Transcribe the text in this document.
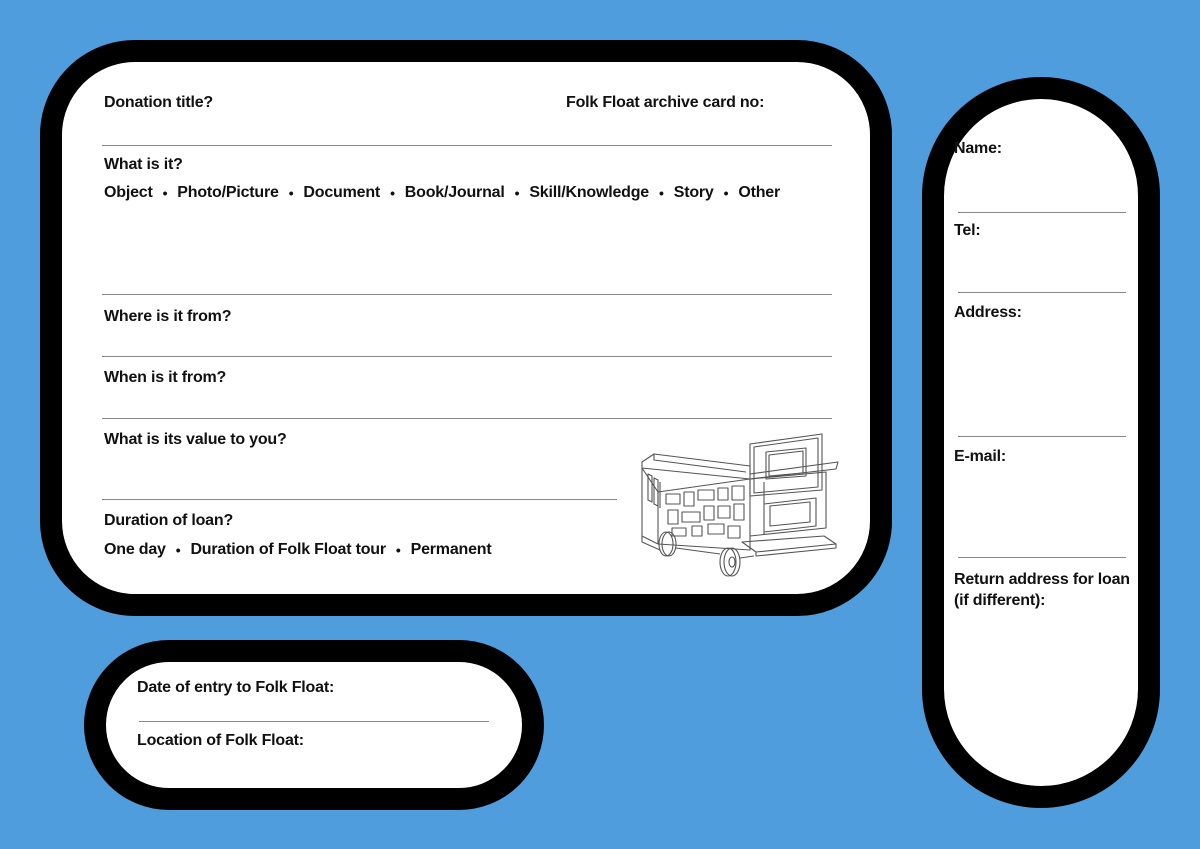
Donation title?	Folk Float archive card no:
What is it?
Object • Photo/Picture • Document • Book/Journal • Skill/Knowledge • Story • Other
Where is it from?
When is it from?
What is its value to you?
Duration of loan?
One day • Duration of Folk Float tour • Permanent
Name:
Tel:
Address:
E-mail:
Return address for loan
(if different):
Date of entry to Folk Float:
Location of Folk Float:
